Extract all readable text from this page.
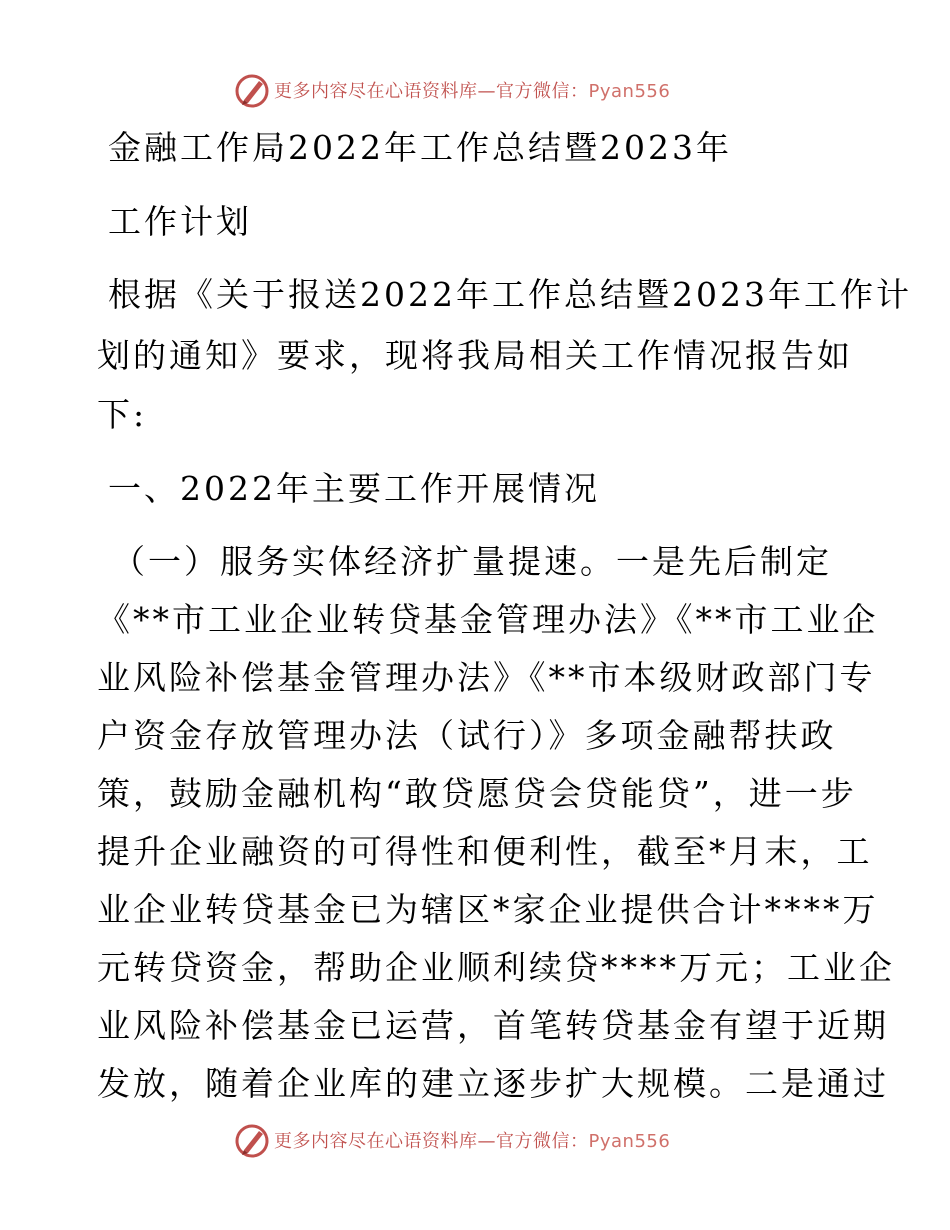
更多内容尽在心语资料库—官方微信：Pyan556
金融工作局2022年工作总结暨2023年
工作计划
根据《关于报送2022年工作总结暨2023年工作计
划的通知》要求，现将我局相关工作情况报告如
下:
一、2022年主要工作开展情况
（一）服务实体经济扩量提速。一是先后制定
《**市工业企业转贷基金管理办法》《**市工业企
业风险补偿基金管理办法》《**市本级财政部门专
户资金存放管理办法（试行）》多项金融帮扶政
策，鼓励金融机构“敢贷愿贷会贷能贷”，进一步
提升企业融资的可得性和便利性，截至*月末，工
业企业转贷基金已为辖区*家企业提供合计****万
元转贷资金，帮助企业顺利续贷****万元；工业企
业风险补偿基金已运营，首笔转贷基金有望于近期
发放，随着企业库的建立逐步扩大规模。二是通过
更多内容尽在心语资料库—官方微信：Pyan556
